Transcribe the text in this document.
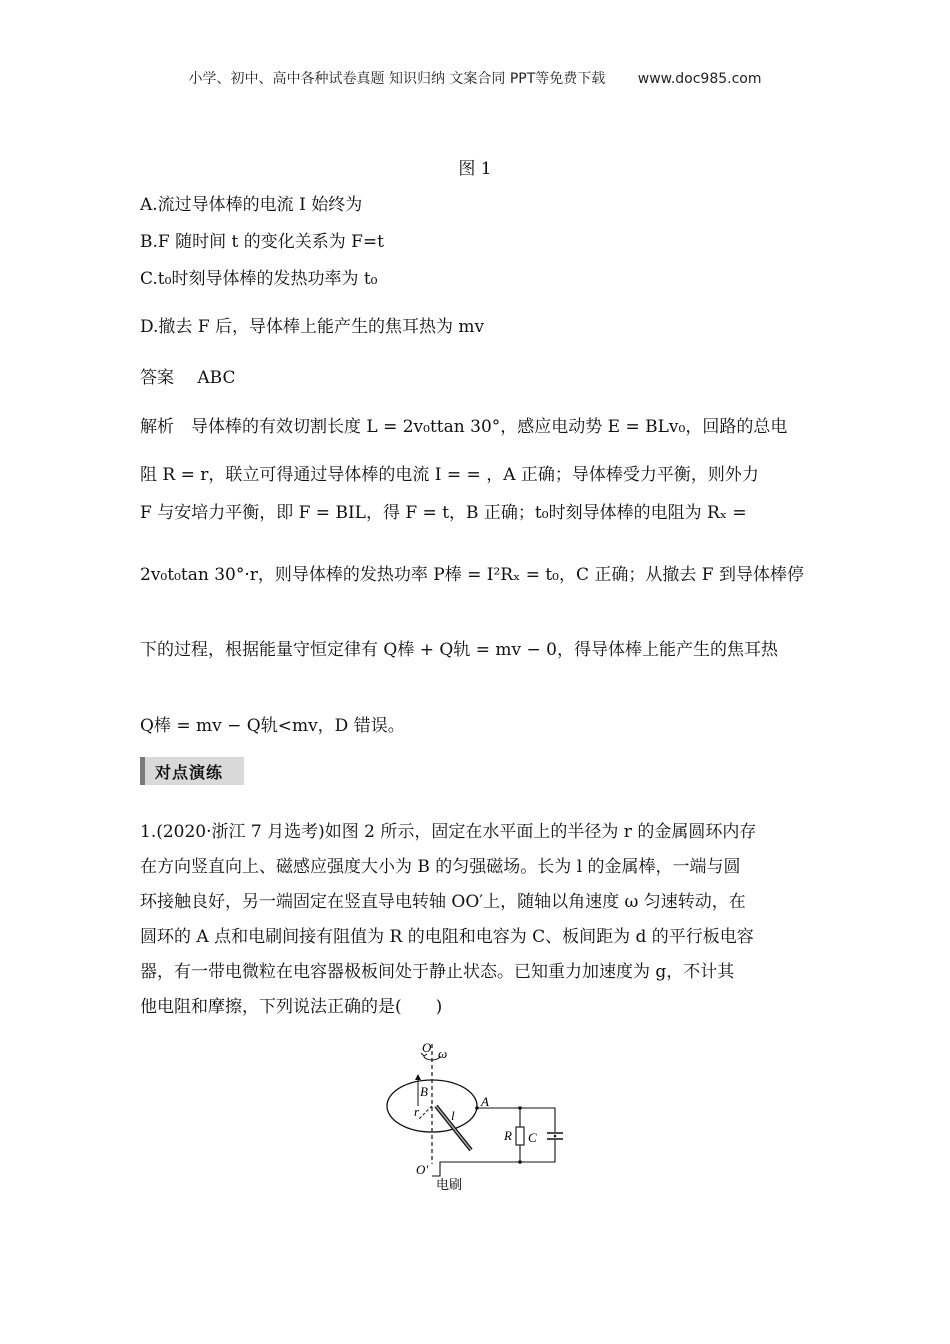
小学、初中、高中各种试卷真题 知识归纳 文案合同 PPT等免费下载 www.doc985.com
图 1
A.流过导体棒的电流 I 始终为
B.F 随时间 t 的变化关系为 F=t
C.t₀时刻导体棒的发热功率为 t₀
D.撤去 F 后，导体棒上能产生的焦耳热为 mv
答案 ABC
解析　导体棒的有效切割长度 L = 2v₀ttan 30°，感应电动势 E = BLv₀，回路的总电
阻 R = r，联立可得通过导体棒的电流 I = = ，A 正确；导体棒受力平衡，则外力
F 与安培力平衡，即 F = BIL，得 F = t，B 正确；t₀时刻导体棒的电阻为 Rₓ =
2v₀t₀tan 30°·r，则导体棒的发热功率 P棒 = I²Rₓ = t₀，C 正确；从撤去 F 到导体棒停
下的过程，根据能量守恒定律有 Q棒 + Q轨 = mv − 0，得导体棒上能产生的焦耳热
Q棒 = mv − Q轨<mv，D 错误。
对点演练
1.(2020·浙江 7 月选考)如图 2 所示，固定在水平面上的半径为 r 的金属圆环内存
在方向竖直向上、磁感应强度大小为 B 的匀强磁场。长为 l 的金属棒，一端与圆
环接触良好，另一端固定在竖直导电转轴 OO′上，随轴以角速度 ω 匀速转动，在
圆环的 A 点和电刷间接有阻值为 R 的电阻和电容为 C、板间距为 d 的平行板电容
器，有一带电微粒在电容器极板间处于静止状态。已知重力加速度为 g，不计其
他电阻和摩擦，下列说法正确的是(　　)
O ω
B
r l
A
R C
O′
电刷
